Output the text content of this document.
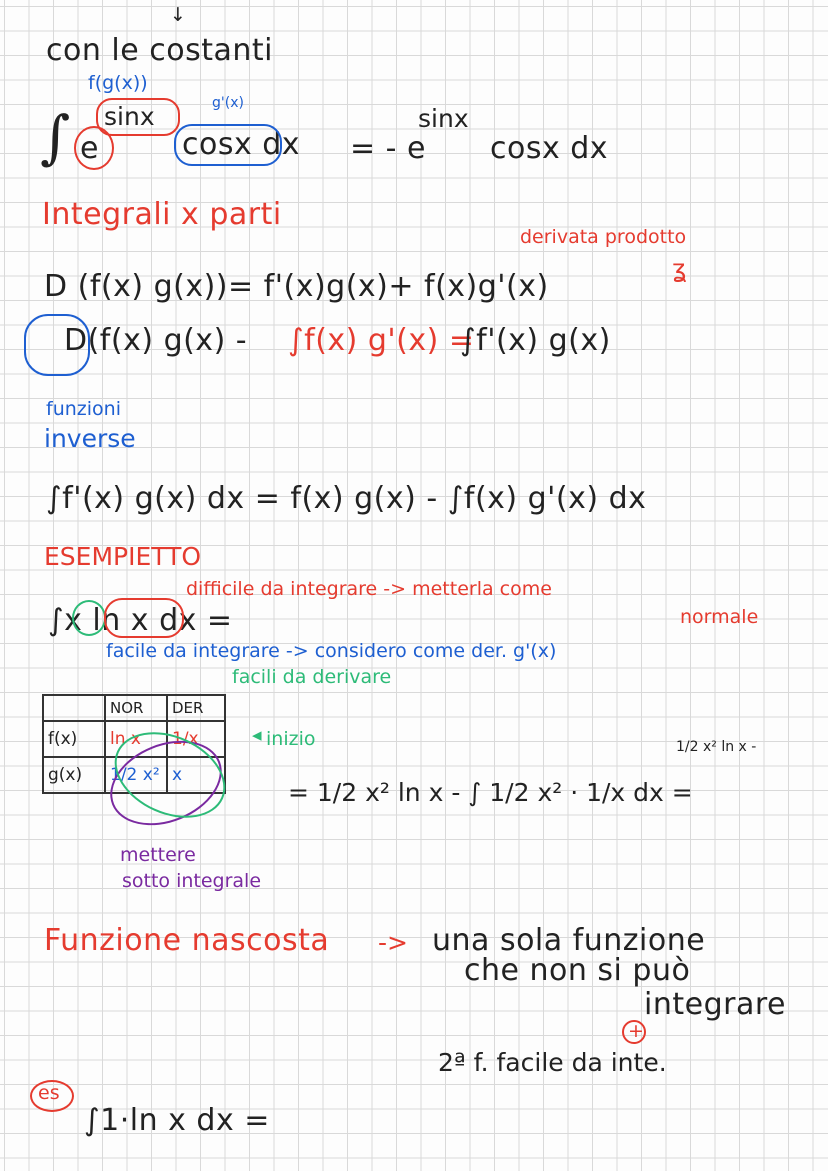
↓
con le costanti
f(g(x))
g'(x)
∫ e
sinx
cosx dx = - e
sinx
cosx dx
Integrali x parti
derivata prodotto
ʓ
D (f(x) g(x))= f'(x)g(x)+ f(x)g'(x)
D(f(x) g(x) - ∫f(x) g'(x) =
∫f'(x) g(x)
funzioni
inverse
∫f'(x) g(x) dx = f(x) g(x) - ∫f(x) g'(x) dx
ESEMPIETTO
∫x ln x dx =
difficile da integrare -> metterla come
normale
facile da integrare -> considero come der. g'(x)
facili da derivare
	NOR	DER
f(x)	ln x	1/x
g(x)	1/2 x²	x
◂ inizio
= 1/2 x² ln x - ∫ 1/2 x² · 1/x dx =
1/2 x² ln x -
mettere
sotto integrale
Funzione nascosta -> una sola funzione
che non si può
integrare
+
2ª f. facile da inte.
es
∫1·ln x dx =
